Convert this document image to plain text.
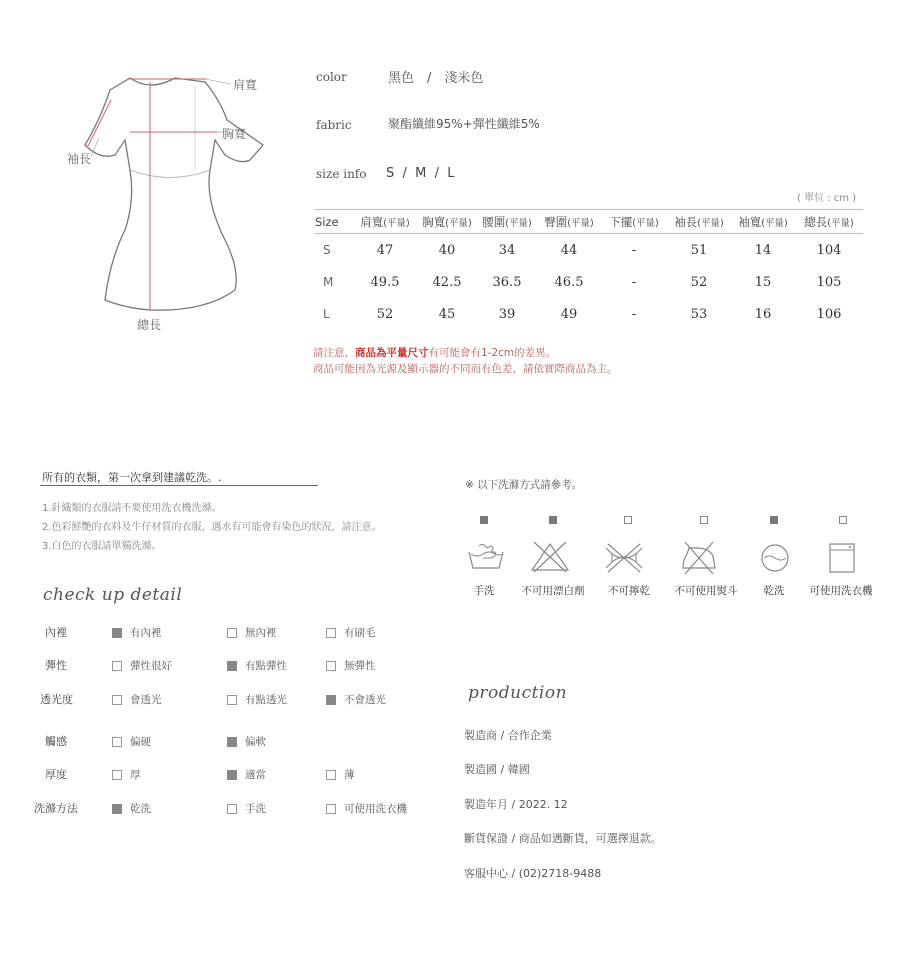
肩寬
胸寬
袖長
總長
color	黑色　/　淺米色
fabric	聚酯纖維95%+彈性纖維5%
size info S  /  M  /  L
( 單位 : cm )
Size	肩寬(平量)	胸寬(平量)	腰圍(平量)	臀圍(平量)	下擺(平量)	袖長(平量)	袖寬(平量)	總長(平量)
S	47	40	34	44	-	51	14	104
M	49.5	42.5	36.5	46.5	-	52	15	105
L	52	45	39	49	-	53	16	106
請注意，商品為平量尺寸有可能會有1-2cm的差異。
商品可能因為光源及顯示器的不同而有色差，請依實際商品為主。
所有的衣類，第一次拿到建議乾洗。.
1.針織類的衣服請不要使用洗衣機洗滌。
2.色彩鮮艷的衣料及牛仔材質的衣服，遇水有可能會有染色的狀況，請注意。
3.白色的衣服請單獨洗滌。
check up detail
內裡	有內裡	無內裡	有刷毛
彈性	彈性很好	有點彈性	無彈性
透光度	會透光	有點透光	不會透光
觸感	偏硬	偏軟
厚度	厚	適當	薄
洗滌方法	乾洗	手洗	可使用洗衣機
※ 以下洗滌方式請參考。
手洗	不可用漂白劑 不可擰乾 不可使用熨斗 乾洗 可使用洗衣機
production
製造商 / 合作企業
製造國 / 韓國
製造年月 / 2022. 12
斷貨保證 / 商品如遇斷貨，可選擇退款。
客服中心 / (02)2718-9488
